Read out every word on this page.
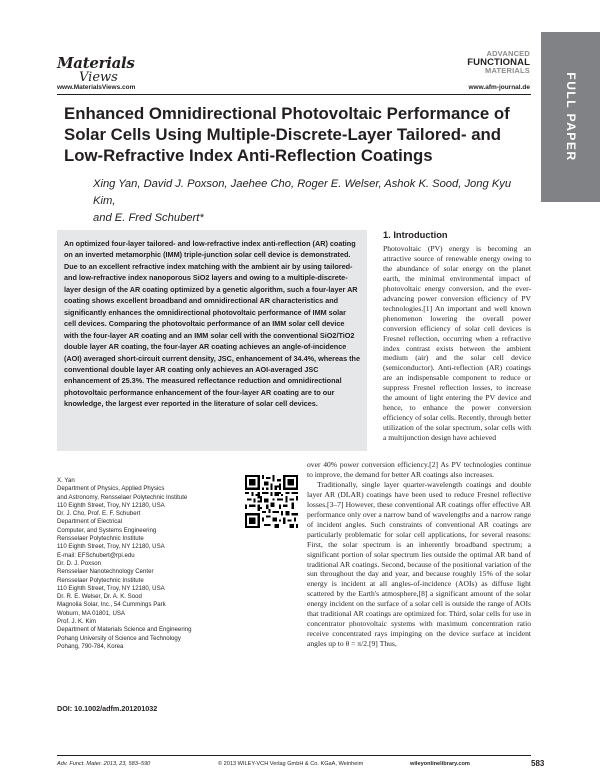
Materials
Views
www.MaterialsViews.com
ADVANCED
FUNCTIONAL
MATERIALS
www.afm-journal.de	FULL PAPER
Enhanced Omnidirectional Photovoltaic Performance of Solar Cells Using Multiple-Discrete-Layer Tailored- and Low-Refractive Index Anti-Reflection Coatings
Xing Yan, David J. Poxson, Jaehee Cho, Roger E. Welser, Ashok K. Sood, Jong Kyu Kim,
and E. Fred Schubert*

An optimized four-layer tailored- and low-refractive index anti-reflection (AR) coating on an inverted metamorphic (IMM) triple-junction solar cell device is demonstrated. Due to an excellent refractive index matching with the ambient air by using tailored- and low-refractive index nanoporous SiO2 layers and owing to a multiple-discrete-layer design of the AR coating optimized by a genetic algorithm, such a four-layer AR coating shows excellent broadband and omnidirectional AR characteristics and significantly enhances the omnidirectional photovoltaic performance of IMM solar cell devices. Comparing the photovoltaic performance of an IMM solar cell device with the four-layer AR coating and an IMM solar cell with the conventional SiO2/TiO2 double layer AR coating, the four-layer AR coating achieves an angle-of-incidence (AOI) averaged short-circuit current density, JSC, enhancement of 34.4%, whereas the conventional double layer AR coating only achieves an AOI-averaged JSC enhancement of 25.3%. The measured reflectance reduction and omnidirectional photovoltaic performance enhancement of the four-layer AR coating are to our knowledge, the largest ever reported in the literature of solar cell devices.

1. Introduction
Photovoltaic (PV) energy is becoming an attractive source of renewable energy owing to the abundance of solar energy on the planet earth, the minimal environmental impact of photovoltaic energy conversion, and the ever-advancing power conversion efficiency of PV technologies.[1] An important and well known phenomenon lowering the overall power conversion efficiency of solar cell devices is Fresnel reflection, occurring when a refractive index contrast exists between the ambient medium (air) and the solar cell device (semiconductor). Anti-reflection (AR) coatings are an indispensable component to reduce or suppress Fresnel reflection losses, to increase the amount of light entering the PV device and hence, to enhance the power conversion efficiency of solar cells. Recently, through better utilization of the solar spectrum, solar cells with a multijunction design have achieved
over 40% power conversion efficiency.[2] As PV technologies continue to improve, the demand for better AR coatings also increases.
Traditionally, single layer quarter-wavelength coatings and double layer AR (DLAR) coatings have been used to reduce Fresnel reflective losses.[3–7] However, these conventional AR coatings offer effective AR performance only over a narrow band of wavelengths and a narrow range of incident angles. Such constraints of conventional AR coatings are particularly problematic for solar cell applications, for several reasons: First, the solar spectrum is an inherently broadband spectrum; a significant portion of solar spectrum lies outside the optimal AR band of traditional AR coatings. Second, because of the positional variation of the sun throughout the day and year, and because roughly 15% of the solar energy is incident at all angles-of-incidence (AOIs) as diffuse light scattered by the Earth's atmosphere,[8] a significant amount of the solar energy incident on the surface of a solar cell is outside the range of AOIs that traditional AR coatings are optimized for. Third, solar cells for use in concentrator photovoltaic systems with maximum concentration ratio receive concentrated rays impinging on the device surface at incident angles up to θ = π/2.[9] Thus,
X. Yan
Department of Physics, Applied Physics
and Astronomy, Rensselaer Polytechnic Institute
110 Eighth Street, Troy, NY 12180, USA
Dr. J. Cho, Prof. E. F. Schubert
Department of Electrical
Computer, and Systems Engineering
Rensselaer Polytechnic Institute
110 Eighth Street, Troy, NY 12180, USA
E-mail: EFSchubert@rpi.edu
Dr. D. J. Poxson
Rensselaer Nanotechnology Center
Rensselaer Polytechnic Institute
110 Eighth Street, Troy, NY 12180, USA
Dr. R. E. Welser, Dr. A. K. Sood
Magnolia Solar, Inc., 54 Cummings Park
Woburn, MA 01801, USA
Prof. J. K. Kim
Department of Materials Science and Engineering
Pohang University of Science and Technology
Pohang, 790-784, Korea
DOI: 10.1002/adfm.201201032
Adv. Funct. Mater. 2013, 23, 583–590	© 2013 WILEY-VCH Verlag GmbH & Co. KGaA, Weinheim	wileyonlinelibrary.com	583
